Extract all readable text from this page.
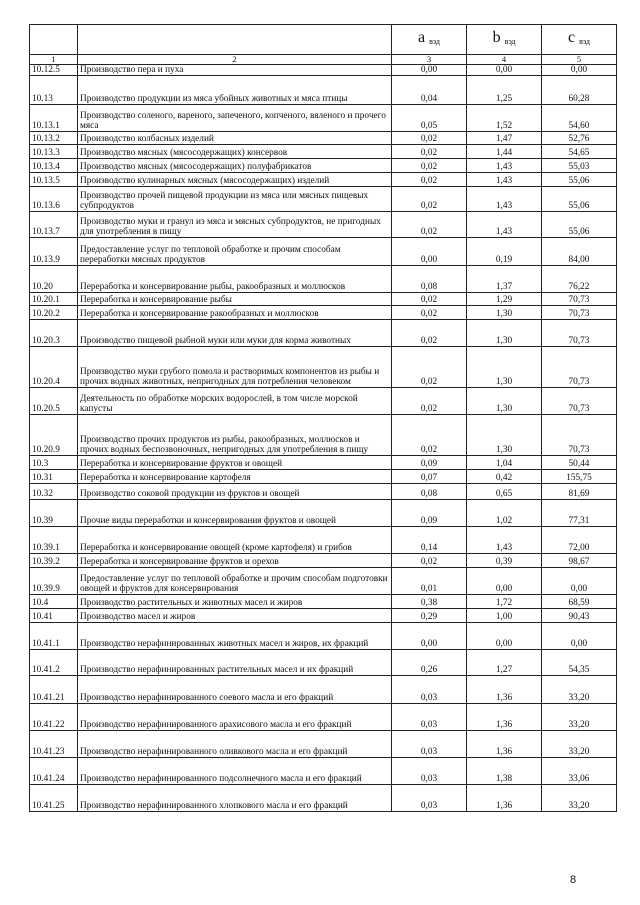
		a $_{вэд}$	b $_{вэд}$	c $_{вэд}$
1	2	3	4	5
10.12.5	Производство пера и пуха	0,00	0,00	0,00
10.13	Производство продукции из мяса убойных животных и мяса птицы	0,04	1,25	60,28
10.13.1	Производство соленого, вареного, запеченого, копченого, вяленого и прочего мяса	0,05	1,52	54,60
10.13.2	Производство колбасных изделий	0,02	1,47	52,76
10.13.3	Производство мясных (мясосодержащих) консервов	0,02	1,44	54,65
10.13.4	Производство мясных (мясосодержащих) полуфабрикатов	0,02	1,43	55,03
10.13.5	Производство кулинарных мясных (мясосодержащих) изделий	0,02	1,43	55,06
10.13.6	Производство прочей пищевой продукции из мяса или мясных пищевых субпродуктов	0,02	1,43	55,06
10.13.7	Производство муки и гранул из мяса и мясных субпродуктов, не пригодных для употребления в пищу	0,02	1,43	55,06
10.13.9	Предоставление услуг по тепловой обработке и прочим способам переработки мясных продуктов	0,00	0,19	84,00
10.20	Переработка и консервирование рыбы, ракообразных и моллюсков	0,08	1,37	76,22
10.20.1	Переработка и консервирование рыбы	0,02	1,29	70,73
10.20.2	Переработка и консервирование ракообразных и моллюсков	0,02	1,30	70,73
10.20.3	Производство пищевой рыбной муки или муки для корма животных	0,02	1,30	70,73
10.20.4	Производство муки грубого помола и растворимых компонентов из рыбы и прочих водных животных, непригодных для потребления человеком	0,02	1,30	70,73
10.20.5	Деятельность по обработке морских водорослей, в том числе морской капусты	0,02	1,30	70,73
10.20.9	Производство прочих продуктов из рыбы, ракообразных, моллюсков и прочих водных беспозвоночных, непригодных для употребления в пищу	0,02	1,30	70,73
10.3	Переработка и консервирование фруктов и овощей	0,09	1,04	50,44
10.31	Переработка и консервирование картофеля	0,07	0,42	155,75
10.32	Производство соковой продукции из фруктов и овощей	0,08	0,65	81,69
10.39	Прочие виды переработки и консервирования фруктов и овощей	0,09	1,02	77,31
10.39.1	Переработка и консервирование овощей (кроме картофеля) и грибов	0,14	1,43	72,00
10.39.2	Переработка и консервирование фруктов и орехов	0,02	0,39	98,67
10.39.9	Предоставление услуг по тепловой обработке и прочим способам подготовки овощей и фруктов для консервирования	0,01	0,00	0,00
10.4	Производство растительных и животных масел и жиров	0,38	1,72	68,59
10.41	Производство масел и жиров	0,29	1,00	90,43
10.41.1	Производство нерафинированных животных масел и жиров, их фракций	0,00	0,00	0,00
10.41.2	Производство нерафинированных растительных масел и их фракций	0,26	1,27	54,35
10.41.21	Производство нерафинированного соевого масла и его фракций	0,03	1,36	33,20
10.41.22	Производство нерафинированного арахисового масла и его фракций	0,03	1,36	33,20
10.41.23	Производство нерафинированного оливкового масла и его фракций	0,03	1,36	33,20
10.41.24	Производство нерафинированного подсолнечного масла и его фракций	0,03	1,38	33,06
10.41.25	Производство нерафинированного хлопкового масла и его фракций	0,03	1,36	33,20
8
